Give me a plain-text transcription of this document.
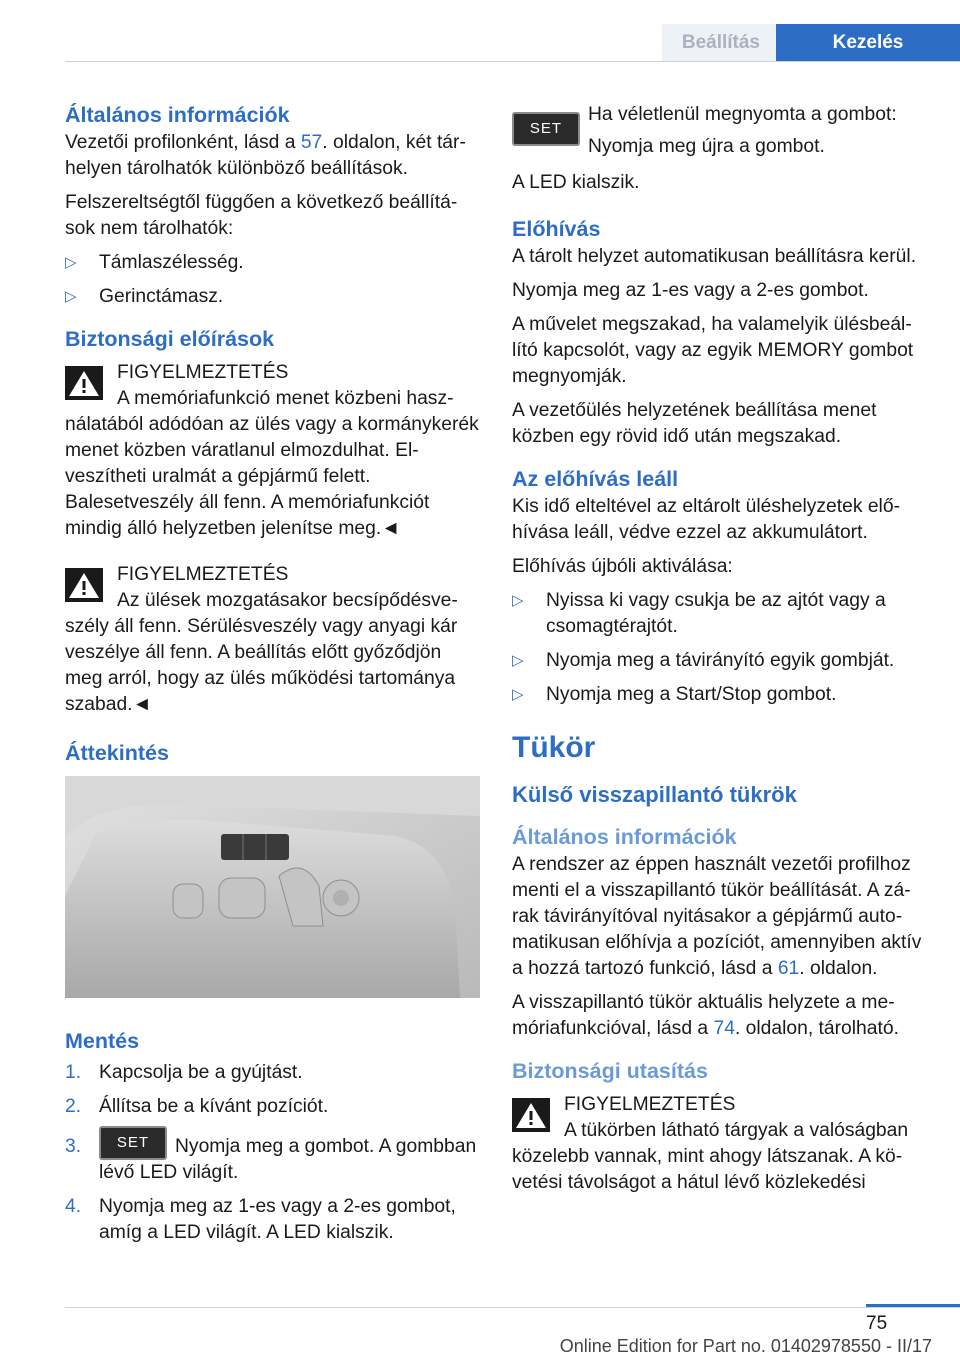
Beállítás	Kezelés
Általános információk

Vezetői profilonként, lásd a 57. oldalon, két tárhelyen tárolhatók különböző beállítások.

Felszereltségtől függően a következő beállítások nem tárolhatók:

▷ Támlaszélesség.
▷ Gerinctámasz.
Biztonsági előírások

FIGYELMEZTETÉS

A memóriafunkció menet közbeni használatából adódóan az ülés vagy a kormánykerék menet közben váratlanul elmozdulhat. Elveszítheti uralmát a gépjármű felett. Balesetveszély áll fenn. A memóriafunkciót mindig álló helyzetben jelenítse meg.◄

FIGYELMEZTETÉS

Az ülések mozgatásakor becsípődésveszély áll fenn. Sérülésveszély vagy anyagi kár veszélye áll fenn. A beállítás előtt győződjön meg arról, hogy az ülés működési tartománya szabad.◄

Áttekintés
Mentés
1. Kapcsolja be a gyújtást.
2. Állítsa be a kívánt pozíciót.
3. SET Nyomja meg a gombot. A gombban lévő LED világít.
4. Nyomja meg az 1-es vagy a 2-es gombot, amíg a LED világít. A LED kialszik.
SET

Ha véletlenül megnyomta a gombot:

Nyomja meg újra a gombot.

A LED kialszik.

Előhívás

A tárolt helyzet automatikusan beállításra kerül.

Nyomja meg az 1-es vagy a 2-es gombot.

A művelet megszakad, ha valamelyik ülésbeállító kapcsolót, vagy az egyik MEMORY gombot megnyomják.

A vezetőülés helyzetének beállítása menet közben egy rövid idő után megszakad.

Az előhívás leáll

Kis idő elteltével az eltárolt üléshelyzetek előhívása leáll, védve ezzel az akkumulátort.

Előhívás újbóli aktiválása:

▷ Nyissa ki vagy csukja be az ajtót vagy a csomagtérajtót.
▷ Nyomja meg a távirányító egyik gombját.
▷ Nyomja meg a Start/Stop gombot.
Tükör
Külső visszapillantó tükrök
Általános információk

A rendszer az éppen használt vezetői profilhoz menti el a visszapillantó tükör beállítását. A zárak távirányítóval nyitásakor a gépjármű automatikusan előhívja a pozíciót, amennyiben aktív a hozzá tartozó funkció, lásd a 61. oldalon.

A visszapillantó tükör aktuális helyzete a memóriafunkcióval, lásd a 74. oldalon, tárolható.

Biztonsági utasítás

FIGYELMEZTETÉS

A tükörben látható tárgyak a valóságban közelebb vannak, mint ahogy látszanak. A követési távolságot a hátul lévő közlekedési

75
Online Edition for Part no. 01402978550 - II/17
